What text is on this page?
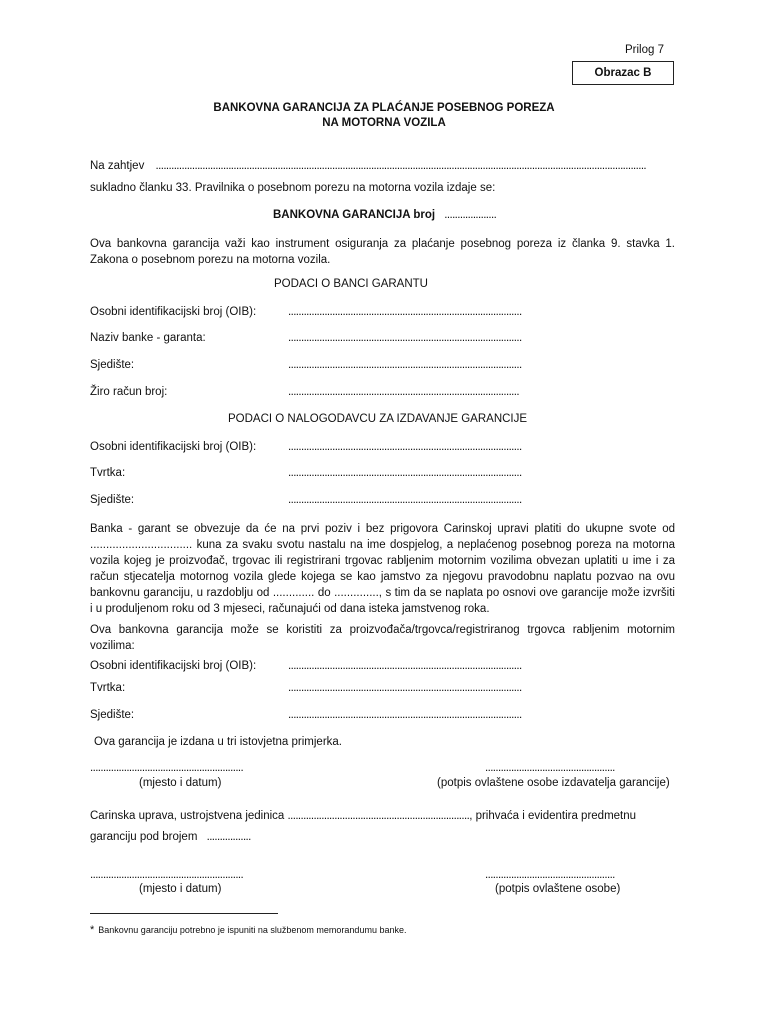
Prilog 7
Obrazac B
BANKOVNA GARANCIJA ZA PLAĆANJE POSEBNOG POREZA
NA MOTORNA VOZILA
Na zahtjev .............................................................................................................................................................................................
sukladno članku 33. Pravilnika o posebnom porezu na motorna vozila izdaje se:
BANKOVNA GARANCIJA broj ....................
Ova bankovna garancija važi kao instrument osiguranja za plaćanje posebnog poreza iz članka 9. stavka 1. Zakona o posebnom porezu na motorna vozila.
PODACI O BANCI GARANTU
Osobni identifikacijski broj (OIB):	..........................................................................................
Naziv banke - garanta:	..........................................................................................
Sjedište:	..........................................................................................
Žiro račun broj:	.........................................................................................
PODACI O NALOGODAVCU ZA IZDAVANJE GARANCIJE
Osobni identifikacijski broj (OIB):	..........................................................................................
Tvrtka:	..........................................................................................
Sjedište:	..........................................................................................
Banka - garant se obvezuje da će na prvi poziv i bez prigovora Carinskoj upravi platiti do ukupne svote od ................................ kuna za svaku svotu nastalu na ime dospjelog, a neplaćenog posebnog poreza na motorna vozila kojeg je proizvođač, trgovac ili registrirani trgovac rabljenim motornim vozilima obvezan uplatiti u ime i za račun stjecatelja motornog vozila glede kojega se kao jamstvo za njegovu pravodobnu naplatu pozvao na ovu bankovnu garanciju, u razdoblju od ............. do .............., s tim da se naplata po osnovi ove garancije može izvršiti i u produljenom roku od 3 mjeseci, računajući od dana isteka jamstvenog roka.
Ova bankovna garancija može se koristiti za proizvođača/trgovca/registriranog trgovca rabljenim motornim vozilima:
Osobni identifikacijski broj (OIB):	..........................................................................................
Tvrtka:	..........................................................................................
Sjedište:	..........................................................................................
Ova garancija je izdana u tri istovjetna primjerka.
...........................................................
(mjesto i datum)
..................................................
(potpis ovlaštene osobe izdavatelja garancije)
Carinska uprava, ustrojstvena jedinica ......................................................................, prihvaća i evidentira predmetnu
garanciju pod brojem .................
...........................................................
(mjesto i datum)
..................................................
(potpis ovlaštene osobe)
* Bankovnu garanciju potrebno je ispuniti na službenom memorandumu banke.
